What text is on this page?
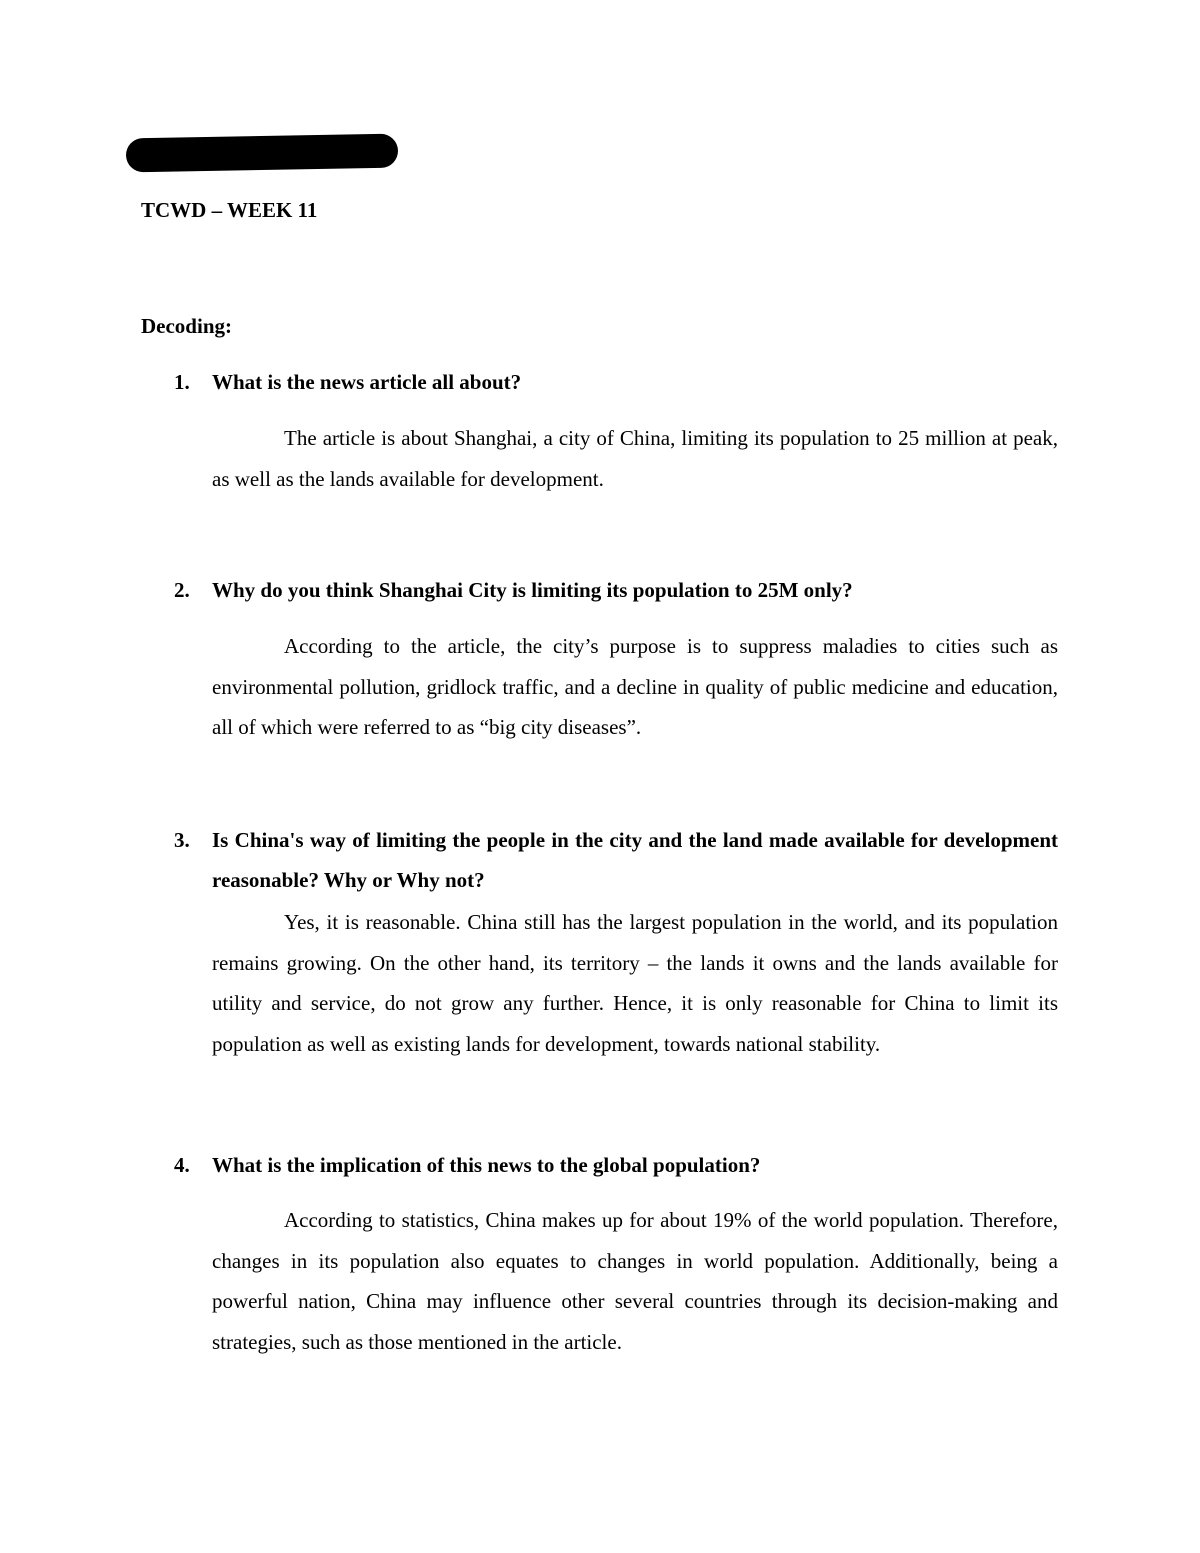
TCWD – WEEK 11

Decoding:

1. What is the news article all about?

The article is about Shanghai, a city of China, limiting its population to 25 million at peak, as well as the lands available for development.

2. Why do you think Shanghai City is limiting its population to 25M only?

According to the article, the city’s purpose is to suppress maladies to cities such as environmental pollution, gridlock traffic, and a decline in quality of public medicine and education, all of which were referred to as “big city diseases”.

3. Is China's way of limiting the people in the city and the land made available for development reasonable? Why or Why not?

Yes, it is reasonable. China still has the largest population in the world, and its population remains growing. On the other hand, its territory – the lands it owns and the lands available for utility and service, do not grow any further. Hence, it is only reasonable for China to limit its population as well as existing lands for development, towards national stability.

4. What is the implication of this news to the global population?

According to statistics, China makes up for about 19% of the world population. Therefore, changes in its population also equates to changes in world population. Additionally, being a powerful nation, China may influence other several countries through its decision-making and strategies, such as those mentioned in the article.
